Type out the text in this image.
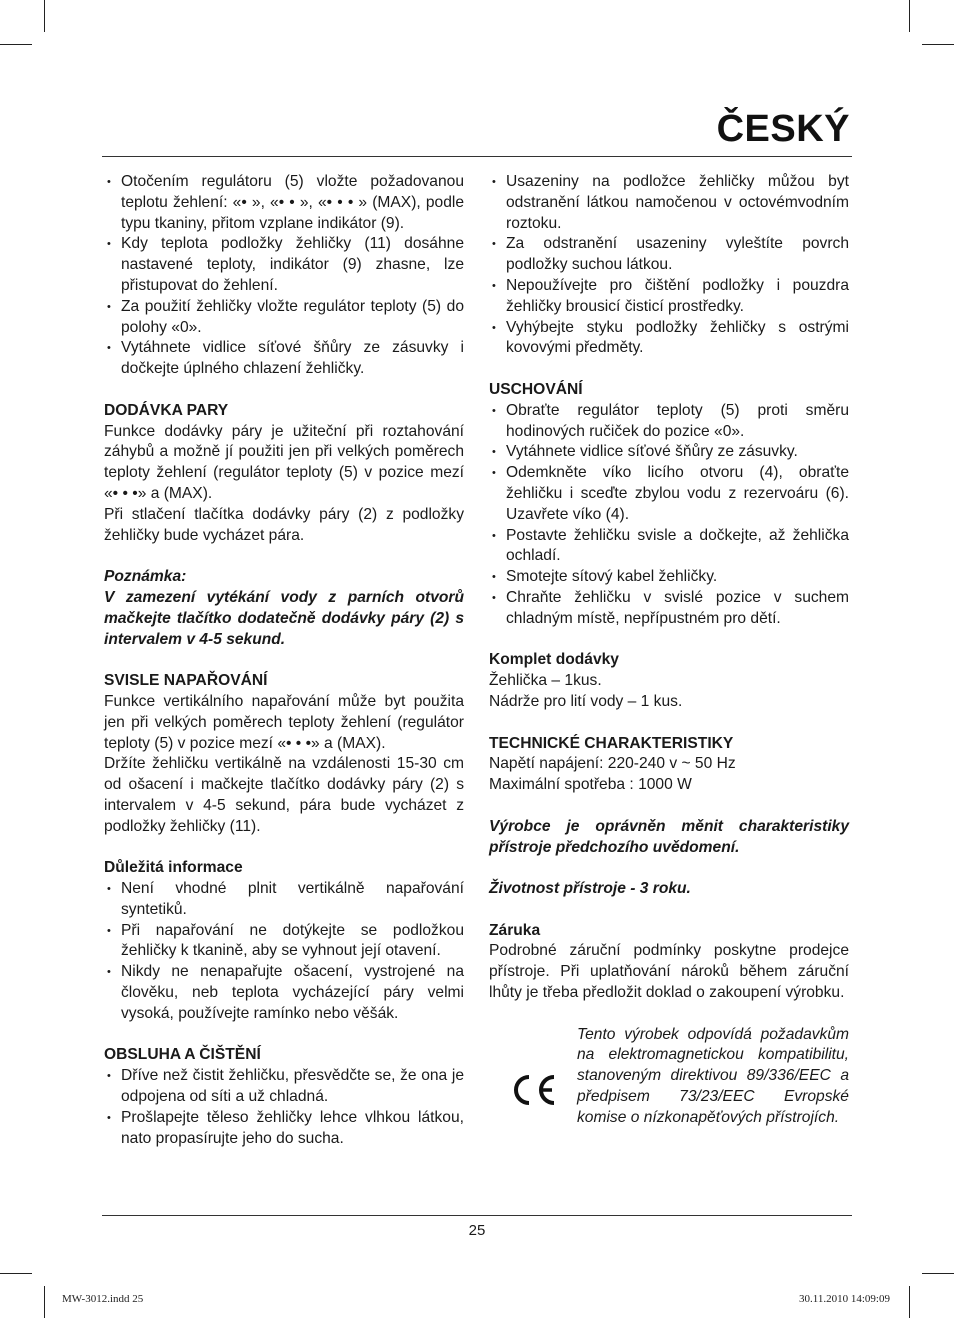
ČESKÝ
• Otočením regulátoru (5) vložte požadovanou teplotu žehlení: «• », «• • », «• • • » (MAX), podle typu tkaniny, přitom vzplane indikátor (9).
• Kdy teplota podložky žehličky (11) dosáhne nastavené teploty, indikátor (9) zhasne, lze přistupovat do žehlení.
• Za použití žehličky vložte regulátor teploty (5) do polohy «0».
• Vytáhnete vidlice síťové šňůry ze zásuvky i dočkejte úplného chlazení žehličky.

DODÁVKA PARY

Funkce dodávky páry je užiteční při roztahování záhybů a možně jí použiti jen při velkých poměrech teploty žehlení (regulátor teploty (5) v pozice mezí «• • •» a (MAX).

Při stlačení tlačítka dodávky páry (2) z podložky žehličky bude vycházet pára.

Poznámka:

V zamezení vytékání vody z parních otvorů mačkejte tlačítko dodatečně dodávky páry (2) s intervalem v 4-5 sekund.

SVISLE NAPAŘOVÁNÍ

Funkce vertikálního napařování může byt použita jen při velkých poměrech teploty žehlení (regulátor teploty (5) v pozice mezí «• • •» a (MAX).

Držíte žehličku vertikálně na vzdálenosti 15-30 cm od ošacení i mačkejte tlačítko dodávky páry (2) s intervalem v 4-5 sekund, pára bude vycházet z podložky žehličky (11).

Důležitá informace

• Není vhodné plnit vertikálně napařování syntetiků.
• Při napařování ne dotýkejte se podložkou žehličky k tkanině, aby se vyhnout její otavení.
• Nikdy ne nenapařujte ošacení, vystrojené na člověku, neb teplota vycházející páry velmi vysoká, používejte ramínko nebo věšák.

OBSLUHA A ČIŠTĚNÍ

• Dříve než čistit žehličku, přesvědčte se, že ona je odpojena od síti a už chladná.
• Prošlapejte těleso žehličky lehce vlhkou látkou, nato propasírujte jeho do sucha.
• Usazeniny na podložce žehličky můžou byt odstranění látkou namočenou v octovémvodním roztoku.
• Za odstranění usazeniny vyleštíte povrch podložky suchou látkou.
• Nepoužívejte pro čištění podložky i pouzdra žehličky brousicí čisticí prostředky.
• Vyhýbejte styku podložky žehličky s ostrými kovovými předměty.

USCHOVÁNÍ

• Obraťte regulátor teploty (5) proti směru hodinových ručiček do pozice «0».
• Vytáhnete vidlice síťové šňůry ze zásuvky.
• Odemkněte víko licího otvoru (4), obraťte žehličku i sceďte zbylou vodu z rezervoáru (6). Uzavřete víko (4).
• Postavte žehličku svisle a dočkejte, až žehlička ochladí.
• Smotejte sítový kabel žehličky.
• Chraňte žehličku v svislé pozice v suchem chladným místě, nepřípustném pro dětí.

Komplet dodávky

Žehlička – 1kus.

Nádrže pro lití vody – 1 kus.

TECHNICKÉ CHARAKTERISTIKY

Napětí napájení: 220-240 v ~ 50 Hz

Maximální spotřeba : 1000 W

Výrobce je oprávněn měnit charakteristiky přístroje předchozího uvědomení.

Životnost přístroje - 3 roku.

Záruka

Podrobné záruční podmínky poskytne prodejce přístroje. Při uplatňování nároků během záruční lhůty je třeba předložit doklad o zakoupení výrobku.

Tento výrobek odpovídá požadavkům na elektromagnetickou kompatibilitu, stanoveným direktivou 89/336/EEC a předpisem 73/23/EEC Evropské komise o nízkonapěťových přístrojích.
25
MW-3012.indd 25	30.11.2010 14:09:09
